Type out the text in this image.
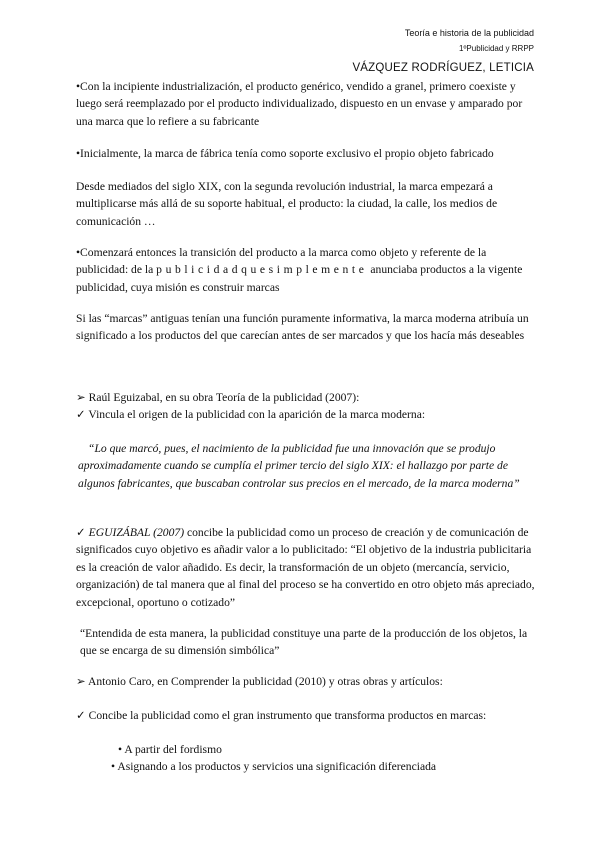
Teoría e historia de la publicidad
1ºPublicidad y RRPP
VÁZQUEZ RODRÍGUEZ, LETICIA

•Con la incipiente industrialización, el producto genérico, vendido a granel, primero coexiste y luego será reemplazado por el producto individualizado, dispuesto en un envase y amparado por una marca que lo refiere a su fabricante

•Inicialmente, la marca de fábrica tenía como soporte exclusivo el propio objeto fabricado

Desde mediados del siglo XIX, con la segunda revolución industrial, la marca empezará a multiplicarse más allá de su soporte habitual, el producto: la ciudad, la calle, los medios de comunicación …

•Comenzará entonces la transición del producto a la marca como objeto y referente de la publicidad: de la publicidadquesimplemente anunciaba productos a la vigente publicidad, cuya misión es construir marcas

Si las “marcas” antiguas tenían una función puramente informativa, la marca moderna atribuía un significado a los productos del que carecían antes de ser marcados y que los hacía más deseables

➢ Raúl Eguizabal, en su obra Teoría de la publicidad (2007):

✓ Vincula el origen de la publicidad con la aparición de la marca moderna:

“Lo que marcó, pues, el nacimiento de la publicidad fue una innovación que se produjo aproximadamente cuando se cumplía el primer tercio del siglo XIX: el hallazgo por parte de algunos fabricantes, que buscaban controlar sus precios en el mercado, de la marca moderna”

✓ EGUIZÁBAL (2007) concibe la publicidad como un proceso de creación y de comunicación de significados cuyo objetivo es añadir valor a lo publicitado: “El objetivo de la industria publicitaria es la creación de valor añadido. Es decir, la transformación de un objeto (mercancía, servicio, organización) de tal manera que al final del proceso se ha convertido en otro objeto más apreciado, excepcional, oportuno o cotizado”

“Entendida de esta manera, la publicidad constituye una parte de la producción de los objetos, la que se encarga de su dimensión simbólica”

➢ Antonio Caro, en Comprender la publicidad (2010) y otras obras y artículos:

✓ Concibe la publicidad como el gran instrumento que transforma productos en marcas:

• A partir del fordismo

• Asignando a los productos y servicios una significación diferenciada
